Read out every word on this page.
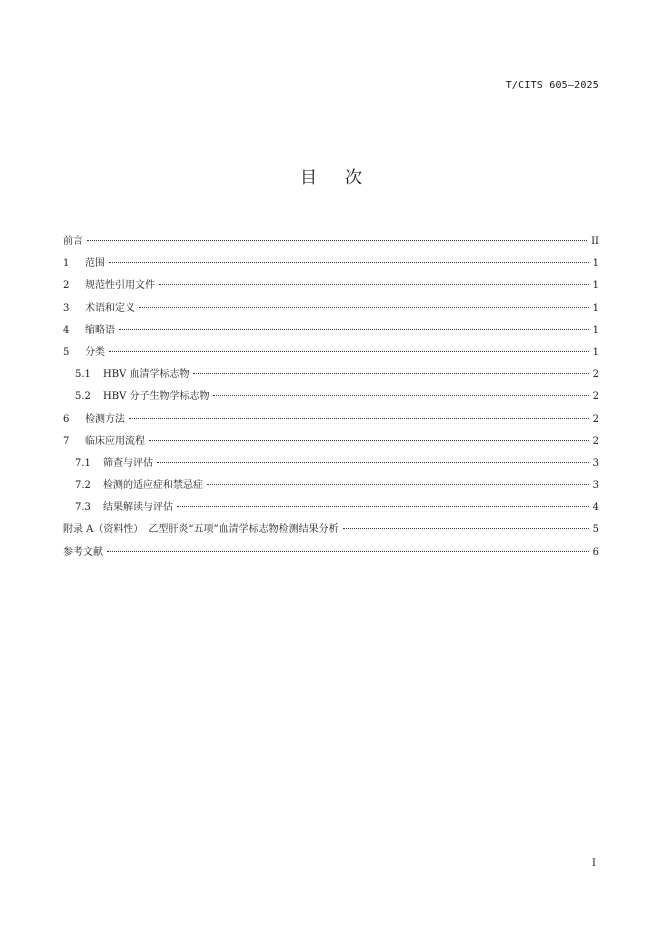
T/CITS 605—2025
目次
前言	II
1	范围	1
2	规范性引用文件	1
3	术语和定义	1
4	缩略语	1
5	分类	1
5.1	HBV 血清学标志物	2
5.2	HBV 分子生物学标志物	2
6	检测方法	2
7	临床应用流程	2
7.1	筛查与评估	3
7.2	检测的适应症和禁忌症	3
7.3	结果解读与评估	4
附录 A（资料性）　乙型肝炎“五项”血清学标志物检测结果分析	5
参考文献	6
I
